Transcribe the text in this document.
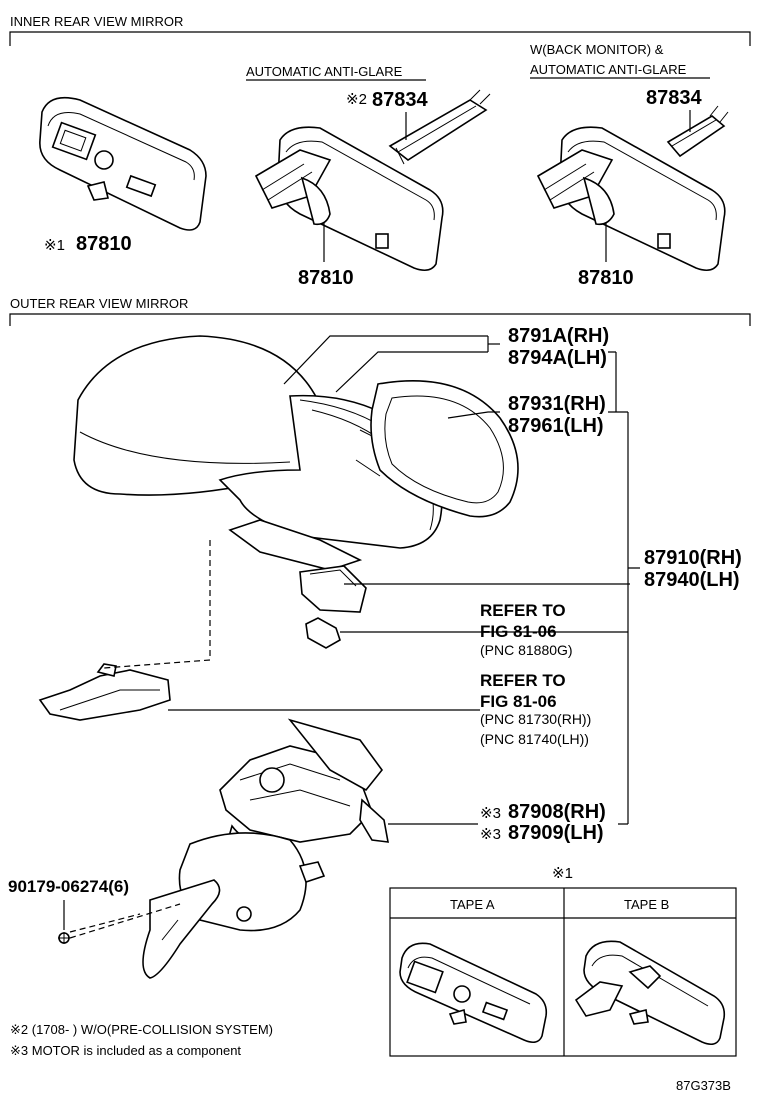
INNER REAR VIEW MIRROR
OUTER REAR VIEW MIRROR
※1 87810
AUTOMATIC ANTI-GLARE
87810
※2 87834
W(BACK MONITOR) &
AUTOMATIC ANTI-GLARE
87810
87834
8791A(RH)
8794A(LH)
87931(RH)
87961(LH)
87910(RH)
87940(LH)
REFER TO
FIG 81-06
(PNC 81880G)
REFER TO
FIG 81-06
(PNC 81730(RH))
(PNC 81740(LH))
※3 87908(RH)
※3 87909(LH)
90179-06274(6)
※1
TAPE A	TAPE B
※2 (1708- ) W/O(PRE-COLLISION SYSTEM)
※3 MOTOR is included as a component
87G373B
